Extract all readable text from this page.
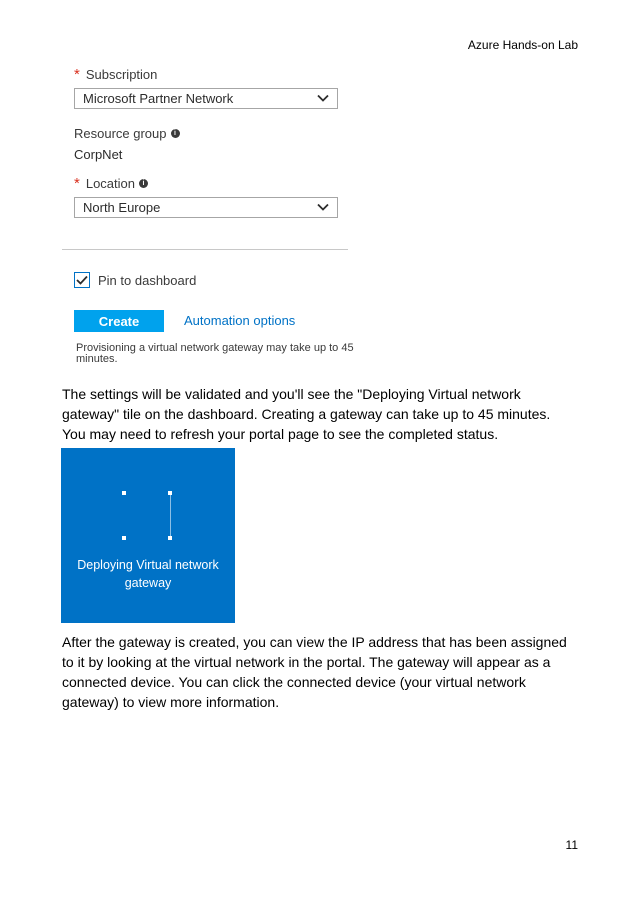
Azure Hands-on Lab
* Subscription
Microsoft Partner Network
Resource group	i
CorpNet
* Location	i
North Europe
Pin to dashboard
Create	Automation options
Provisioning a virtual network gateway may take up to 45 minutes.
The settings will be validated and you'll see the "Deploying Virtual network gateway" tile on the dashboard. Creating a gateway can take up to 45 minutes. You may need to refresh your portal page to see the completed status.
Deploying Virtual network gateway
After the gateway is created, you can view the IP address that has been assigned to it by looking at the virtual network in the portal. The gateway will appear as a connected device. You can click the connected device (your virtual network gateway) to view more information.
11
